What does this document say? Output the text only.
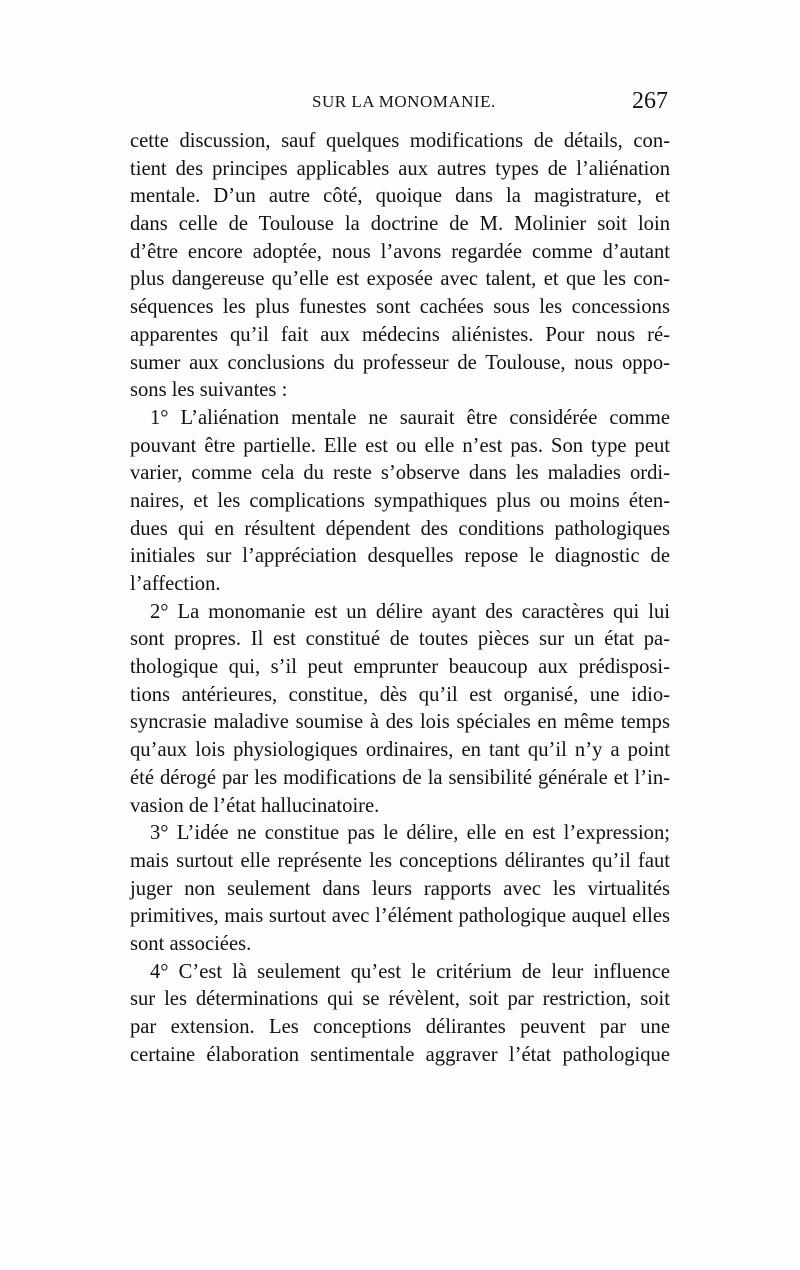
SUR LA MONOMANIE.	267
cette discussion, sauf quelques modifications de détails, con-
tient des principes applicables aux autres types de l’aliénation
mentale. D’un autre côté, quoique dans la magistrature, et
dans celle de Toulouse la doctrine de M. Molinier soit loin
d’être encore adoptée, nous l’avons regardée comme d’autant
plus dangereuse qu’elle est exposée avec talent, et que les con-
séquences les plus funestes sont cachées sous les concessions
apparentes qu’il fait aux médecins aliénistes. Pour nous ré-
sumer aux conclusions du professeur de Toulouse, nous oppo-
sons les suivantes :
1° L’aliénation mentale ne saurait être considérée comme
pouvant être partielle. Elle est ou elle n’est pas. Son type peut
varier, comme cela du reste s’observe dans les maladies ordi-
naires, et les complications sympathiques plus ou moins éten-
dues qui en résultent dépendent des conditions pathologiques
initiales sur l’appréciation desquelles repose le diagnostic de
l’affection.
2° La monomanie est un délire ayant des caractères qui lui
sont propres. Il est constitué de toutes pièces sur un état pa-
thologique qui, s’il peut emprunter beaucoup aux prédisposi-
tions antérieures, constitue, dès qu’il est organisé, une idio-
syncrasie maladive soumise à des lois spéciales en même temps
qu’aux lois physiologiques ordinaires, en tant qu’il n’y a point
été dérogé par les modifications de la sensibilité générale et l’in-
vasion de l’état hallucinatoire.
3° L’idée ne constitue pas le délire, elle en est l’expression;
mais surtout elle représente les conceptions délirantes qu’il faut
juger non seulement dans leurs rapports avec les virtualités
primitives, mais surtout avec l’élément pathologique auquel elles
sont associées.
4° C’est là seulement qu’est le critérium de leur influence
sur les déterminations qui se révèlent, soit par restriction, soit
par extension. Les conceptions délirantes peuvent par une
certaine élaboration sentimentale aggraver l’état pathologique
